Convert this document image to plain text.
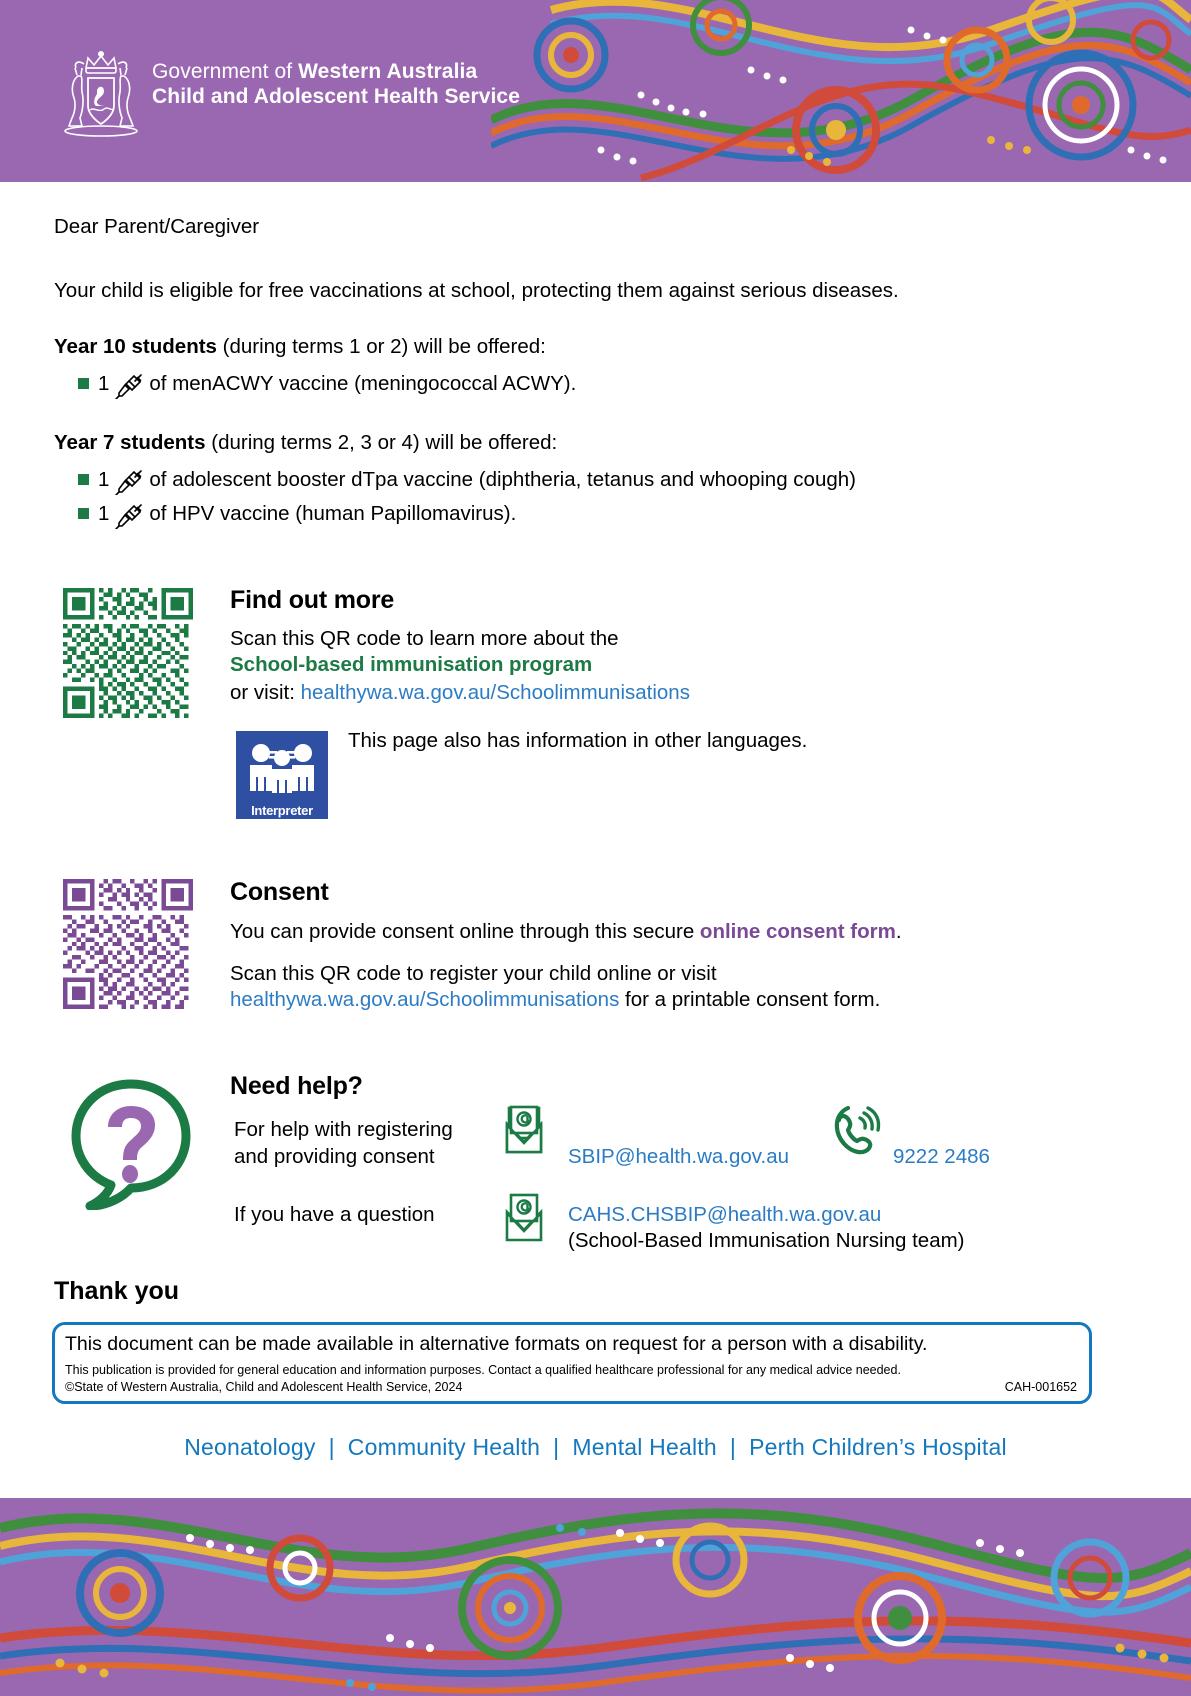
Government of Western Australia
Child and Adolescent Health Service
Dear Parent/Caregiver
Your child is eligible for free vaccinations at school, protecting them against serious diseases.
Year 10 students (during terms 1 or 2) will be offered:
1 of menACWY vaccine (meningococcal ACWY).
Year 7 students (during terms 2, 3 or 4) will be offered:
1 of adolescent booster dTpa vaccine (diphtheria, tetanus and whooping cough)
1 of HPV vaccine (human Papillomavirus).
Find out more
Scan this QR code to learn more about the
School-based immunisation program
or visit: healthywa.wa.gov.au/Schoolimmunisations
Interpreter
This page also has information in other languages.
Consent
You can provide consent online through this secure online consent form.
Scan this QR code to register your child online or visit
healthywa.wa.gov.au/Schoolimmunisations for a printable consent form.
Need help?
For help with registering
and providing consent	SBIP@health.wa.gov.au	9222 2486
If you have a question	CAHS.CHSBIP@health.wa.gov.au
(School-Based Immunisation Nursing team)
Thank you
This document can be made available in alternative formats on request for a person with a disability.
This publication is provided for general education and information purposes. Contact a qualified healthcare professional for any medical advice needed.
©State of Western Australia, Child and Adolescent Health Service, 2024	CAH-001652
Neonatology | Community Health | Mental Health | Perth Children’s Hospital
